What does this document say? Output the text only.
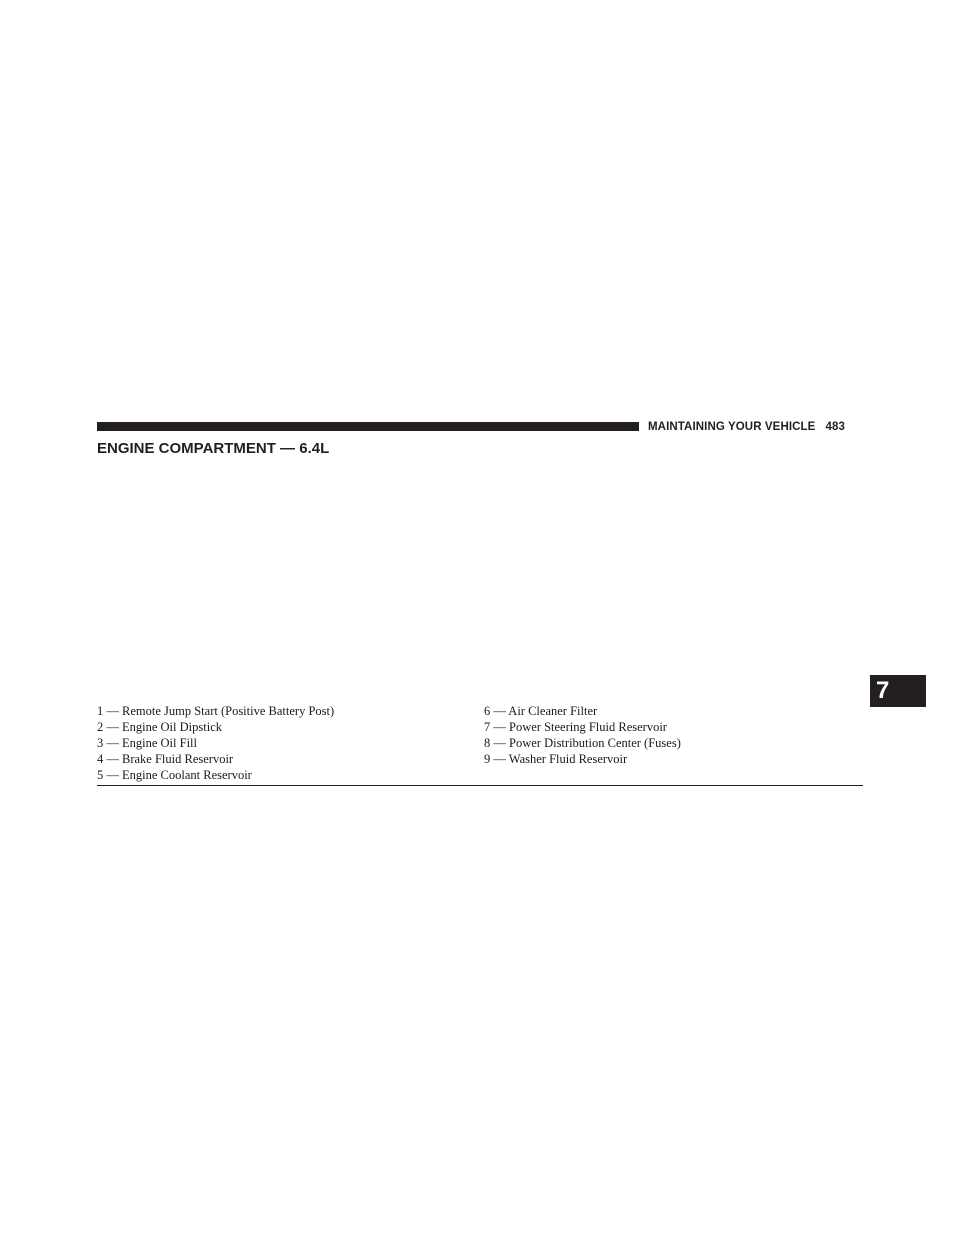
MAINTAINING YOUR VEHICLE 483
ENGINE COMPARTMENT — 6.4L
7
1 — Remote Jump Start (Positive Battery Post)
2 — Engine Oil Dipstick
3 — Engine Oil Fill
4 — Brake Fluid Reservoir
5 — Engine Coolant Reservoir
6 — Air Cleaner Filter
7 — Power Steering Fluid Reservoir
8 — Power Distribution Center (Fuses)
9 — Washer Fluid Reservoir
